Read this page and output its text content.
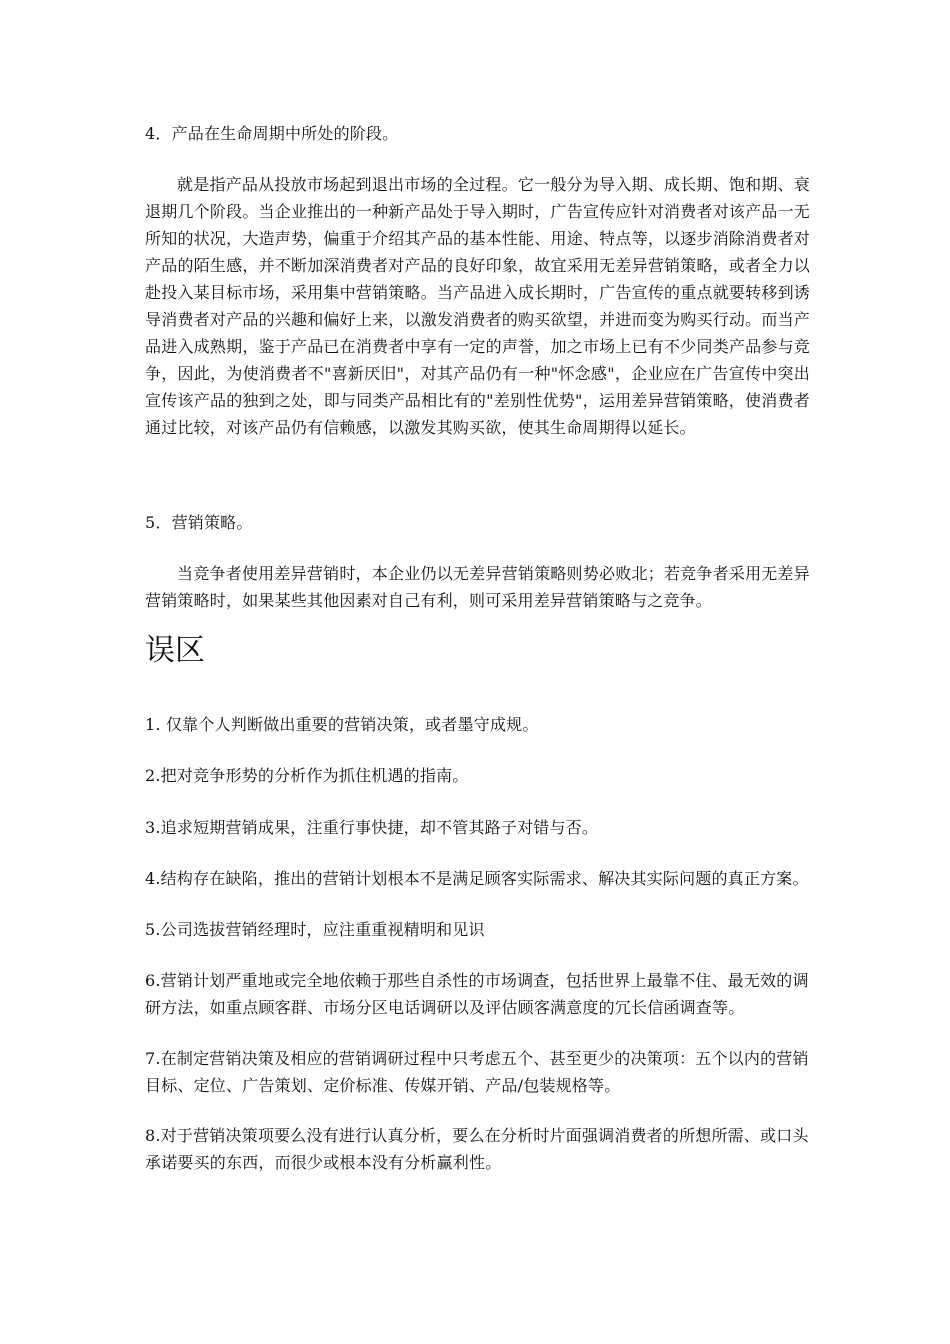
4．产品在生命周期中所处的阶段。

就是指产品从投放市场起到退出市场的全过程。它一般分为导入期、成长期、饱和期、衰退期几个阶段。当企业推出的一种新产品处于导入期时，广告宣传应针对消费者对该产品一无所知的状况，大造声势，偏重于介绍其产品的基本性能、用途、特点等，以逐步消除消费者对产品的陌生感，并不断加深消费者对产品的良好印象，故宜采用无差异营销策略，或者全力以赴投入某目标市场，采用集中营销策略。当产品进入成长期时，广告宣传的重点就要转移到诱导消费者对产品的兴趣和偏好上来，以激发消费者的购买欲望，并进而变为购买行动。而当产品进入成熟期，鉴于产品已在消费者中享有一定的声誉，加之市场上已有不少同类产品参与竞争，因此，为使消费者不"喜新厌旧"，对其产品仍有一种"怀念感"，企业应在广告宣传中突出宣传该产品的独到之处，即与同类产品相比有的"差别性优势"，运用差异营销策略，使消费者通过比较，对该产品仍有信赖感，以激发其购买欲，使其生命周期得以延长。

5．营销策略。

当竞争者使用差异营销时，本企业仍以无差异营销策略则势必败北；若竞争者采用无差异营销策略时，如果某些其他因素对自己有利，则可采用差异营销策略与之竞争。

误区

1. 仅靠个人判断做出重要的营销决策，或者墨守成规。

2.把对竞争形势的分析作为抓住机遇的指南。

3.追求短期营销成果，注重行事快捷，却不管其路子对错与否。

4.结构存在缺陷，推出的营销计划根本不是满足顾客实际需求、解决其实际问题的真正方案。

5.公司选拔营销经理时，应注重重视精明和见识

6.营销计划严重地或完全地依赖于那些自杀性的市场调查，包括世界上最靠不住、最无效的调研方法，如重点顾客群、市场分区电话调研以及评估顾客满意度的冗长信函调查等。

7.在制定营销决策及相应的营销调研过程中只考虑五个、甚至更少的决策项：五个以内的营销目标、定位、广告策划、定价标准、传媒开销、产品/包装规格等。

8.对于营销决策项要么没有进行认真分析，要么在分析时片面强调消费者的所想所需、或口头承诺要买的东西，而很少或根本没有分析赢利性。
